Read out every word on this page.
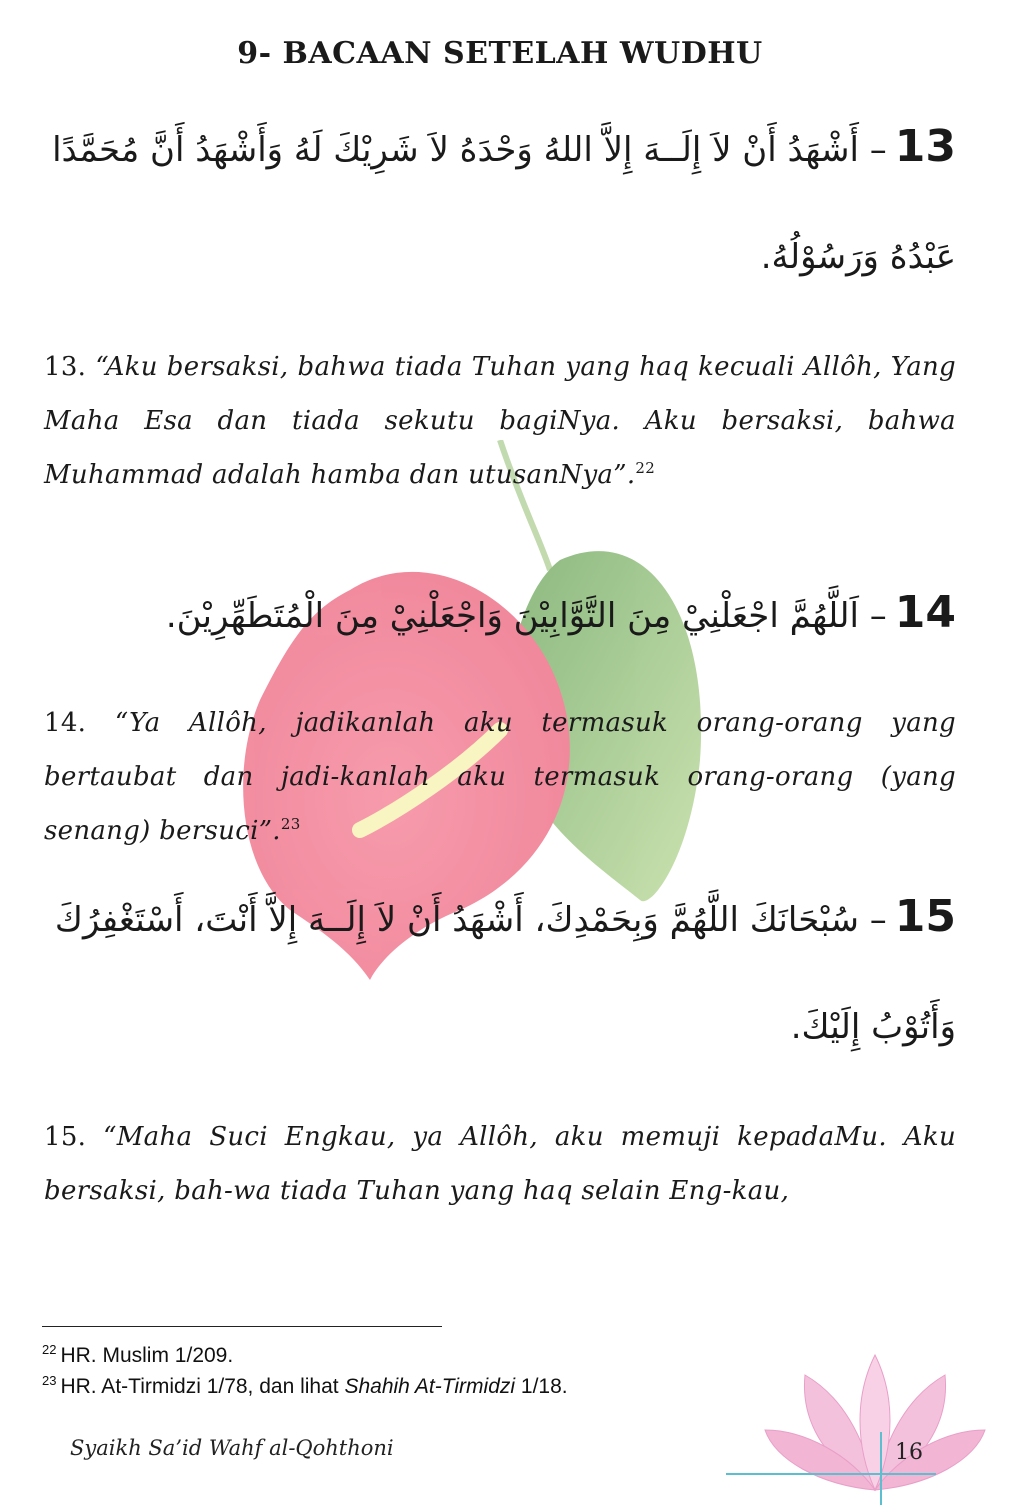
9- BACAAN SETELAH WUDHU
13– أَشْهَدُ أَنْ لاَ إِلَــهَ إِلاَّ اللهُ وَحْدَهُ لاَ شَرِيْكَ لَهُ وَأَشْهَدُ أَنَّ مُحَمَّدًا
عَبْدُهُ وَرَسُوْلُهُ.
13. “Aku bersaksi, bahwa tiada Tuhan yang haq kecuali Allôh, Yang Maha Esa dan tiada sekutu bagiNya. Aku bersaksi, bahwa Muhammad adalah hamba dan utusanNya”.$^{22}$
14– اَللَّهُمَّ اجْعَلْنِيْ مِنَ التَّوَّابِيْنَ وَاجْعَلْنِيْ مِنَ الْمُتَطَهِّرِيْنَ.
14. “Ya Allôh, jadikanlah aku termasuk orang-orang yang bertaubat dan jadi-kanlah aku termasuk orang-orang (yang senang) bersuci”.$^{23}$
15– سُبْحَانَكَ اللَّهُمَّ وَبِحَمْدِكَ، أَشْهَدُ أَنْ لاَ إِلَــهَ إِلاَّ أَنْتَ، أَسْتَغْفِرُكَ
وَأَتُوْبُ إِلَيْكَ.
15. “Maha Suci Engkau, ya Allôh, aku memuji kepadaMu. Aku bersaksi, bah-wa tiada Tuhan yang haq selain Eng-kau,
$^{22}$ HR. Muslim 1/209.
$^{23}$ HR. At-Tirmidzi 1/78, dan lihat Shahih At-Tirmidzi 1/18.
Syaikh Sa’id Wahf al-Qohthoni	16
